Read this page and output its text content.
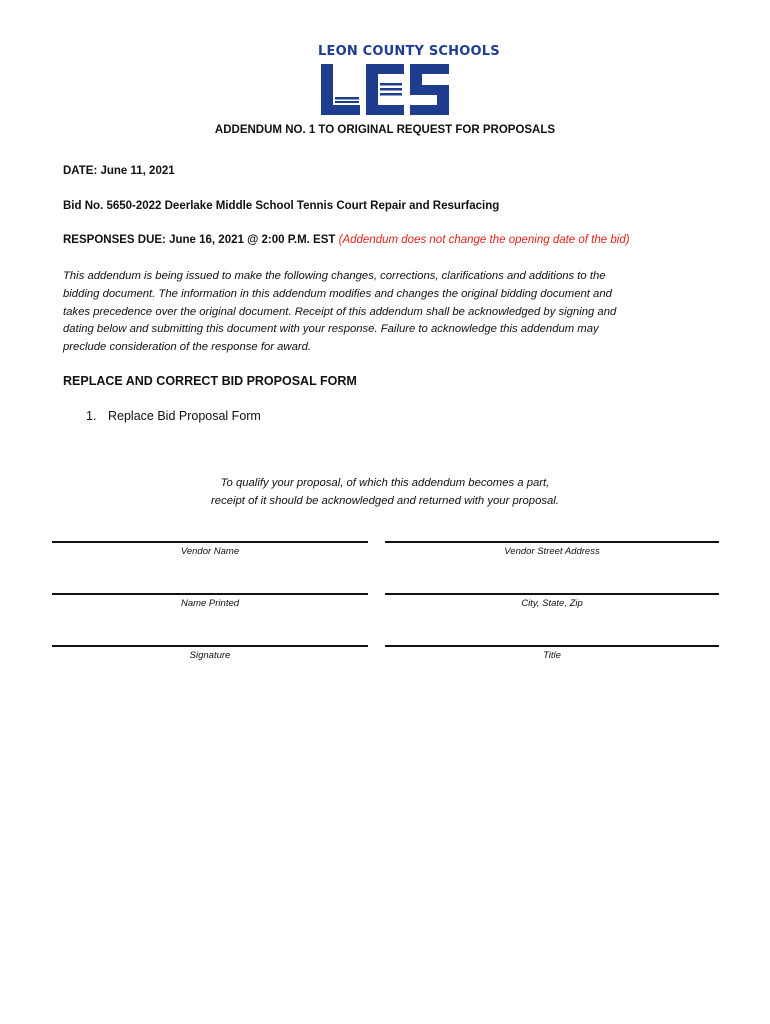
LEON COUNTY SCHOOLS
ADDENDUM NO. 1 TO ORIGINAL REQUEST FOR PROPOSALS
DATE: June 11, 2021
Bid No. 5650-2022 Deerlake Middle School Tennis Court Repair and Resurfacing
RESPONSES DUE: June 16, 2021 @ 2:00 P.M. EST (Addendum does not change the opening date of the bid)
This addendum is being issued to make the following changes, corrections, clarifications and additions to the
bidding document. The information in this addendum modifies and changes the original bidding document and
takes precedence over the original document. Receipt of this addendum shall be acknowledged by signing and
dating below and submitting this document with your response. Failure to acknowledge this addendum may
preclude consideration of the response for award.
REPLACE AND CORRECT BID PROPOSAL FORM
1. Replace Bid Proposal Form
To qualify your proposal, of which this addendum becomes a part,
receipt of it should be acknowledged and returned with your proposal.
Vendor Name	Vendor Street Address
Name Printed	City, State, Zip
Signature	Title
